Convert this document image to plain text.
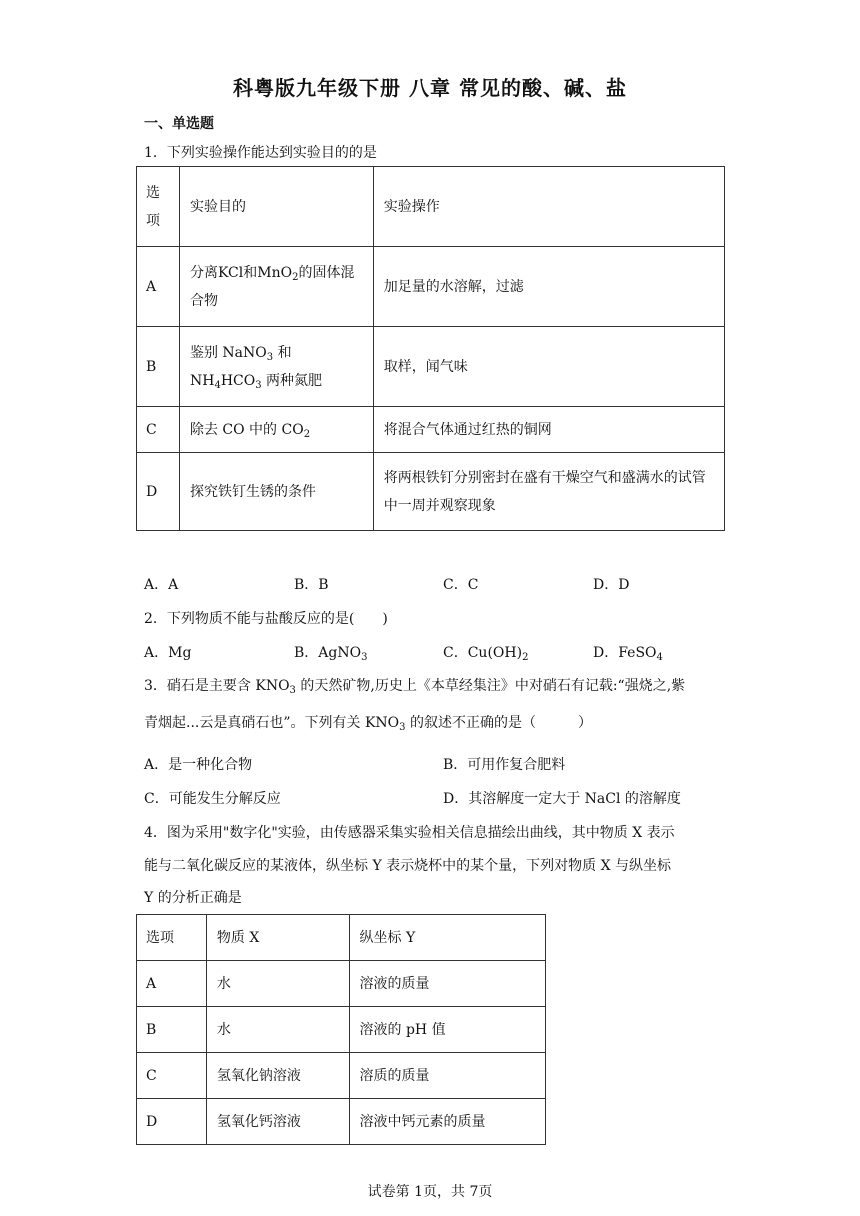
科粤版九年级下册 八章 常见的酸、碱、盐
一、单选题
1．下列实验操作能达到实验目的的是
选项	实验目的	实验操作
A	分离KCl和MnO$_2$的固体混合物	加足量的水溶解，过滤
B	鉴别 NaNO$_3$ 和 $NH_4HCO_3$ 两种氮肥	取样，闻气味
C	除去 CO 中的 $CO_2$	将混合气体通过红热的铜网
D	探究铁钉生锈的条件	将两根铁钉分别密封在盛有干燥空气和盛满水的试管中一周并观察现象
A．A	B．B	C．C	D．D
2．下列物质不能与盐酸反应的是(　　)
A．Mg	B．AgNO$_3$	C．$Cu(OH)_2$	D．FeSO$_4$
3．硝石是主要含 $KNO_3$ 的天然矿物,历史上《本草经集注》中对硝石有记载:“强烧之,紫
青烟起...云是真硝石也”。下列有关 $KNO_3$ 的叙述不正确的是（　　　）
A．是一种化合物	B．可用作复合肥料
C．可能发生分解反应	D．其溶解度一定大于 NaCl 的溶解度
4．图为采用"数字化"实验，由传感器采集实验相关信息描绘出曲线，其中物质 X 表示
能与二氧化碳反应的某液体，纵坐标 Y 表示烧杯中的某个量，下列对物质 X 与纵坐标
Y 的分析正确是
选项	物质 X	纵坐标 Y
A	水	溶液的质量
B	水	溶液的 pH 值
C	氢氧化钠溶液	溶质的质量
D	氢氧化钙溶液	溶液中钙元素的质量
试卷第 1页，共 7页
